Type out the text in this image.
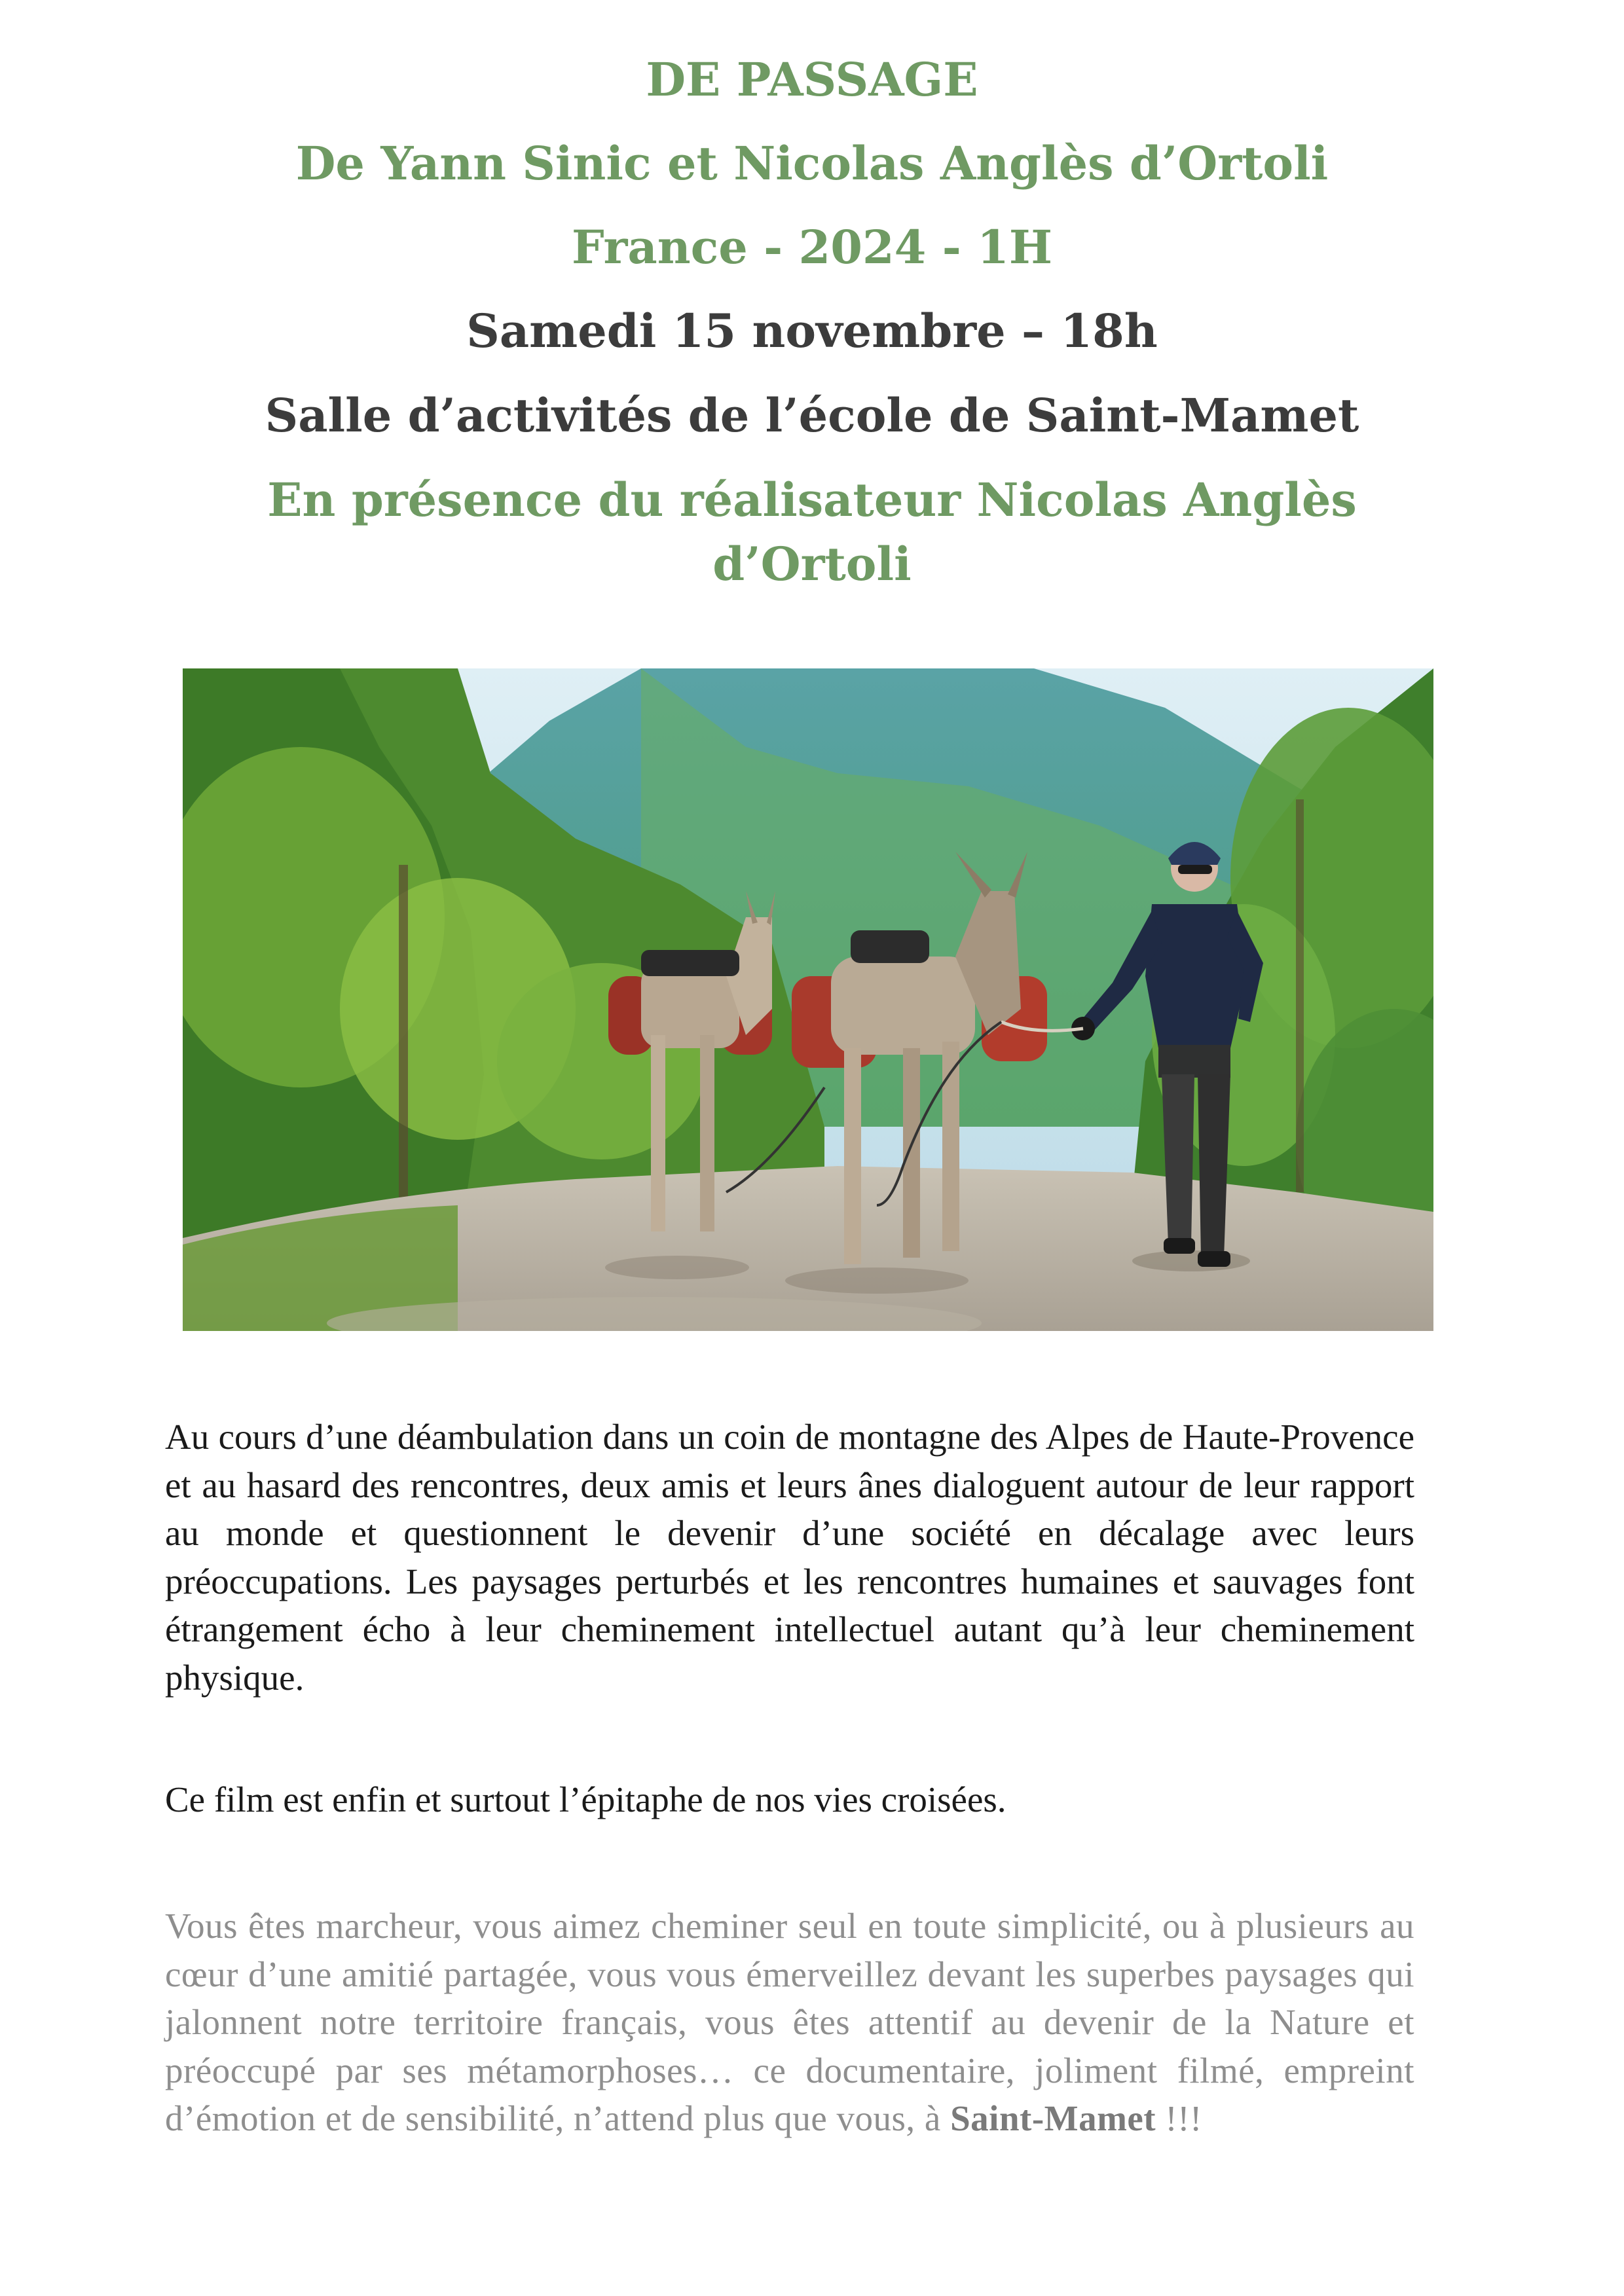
DE PASSAGE
De Yann Sinic et Nicolas Anglès d’Ortoli
France - 2024 - 1H
Samedi 15 novembre – 18h
Salle d’activités de l’école de Saint-Mamet
En présence du réalisateur Nicolas Anglès
d’Ortoli

Au cours d’une déambulation dans un coin de montagne des Alpes de Haute-Provence et au hasard des rencontres, deux amis et leurs ânes dialoguent autour de leur rapport au monde et questionnent le devenir d’une société en décalage avec leurs préoccupations. Les paysages perturbés et les rencontres humaines et sauvages font étrangement écho à leur cheminement intellectuel autant qu’à leur cheminement physique.

Ce film est enfin et surtout l’épitaphe de nos vies croisées.

Vous êtes marcheur, vous aimez cheminer seul en toute simplicité, ou à plusieurs au cœur d’une amitié partagée, vous vous émerveillez devant les superbes paysages qui jalonnent notre territoire français, vous êtes attentif au devenir de la Nature et préoccupé par ses métamorphoses… ce documentaire, joliment filmé, empreint d’émotion et de sensibilité, n’attend plus que vous, à Saint-Mamet !!!
